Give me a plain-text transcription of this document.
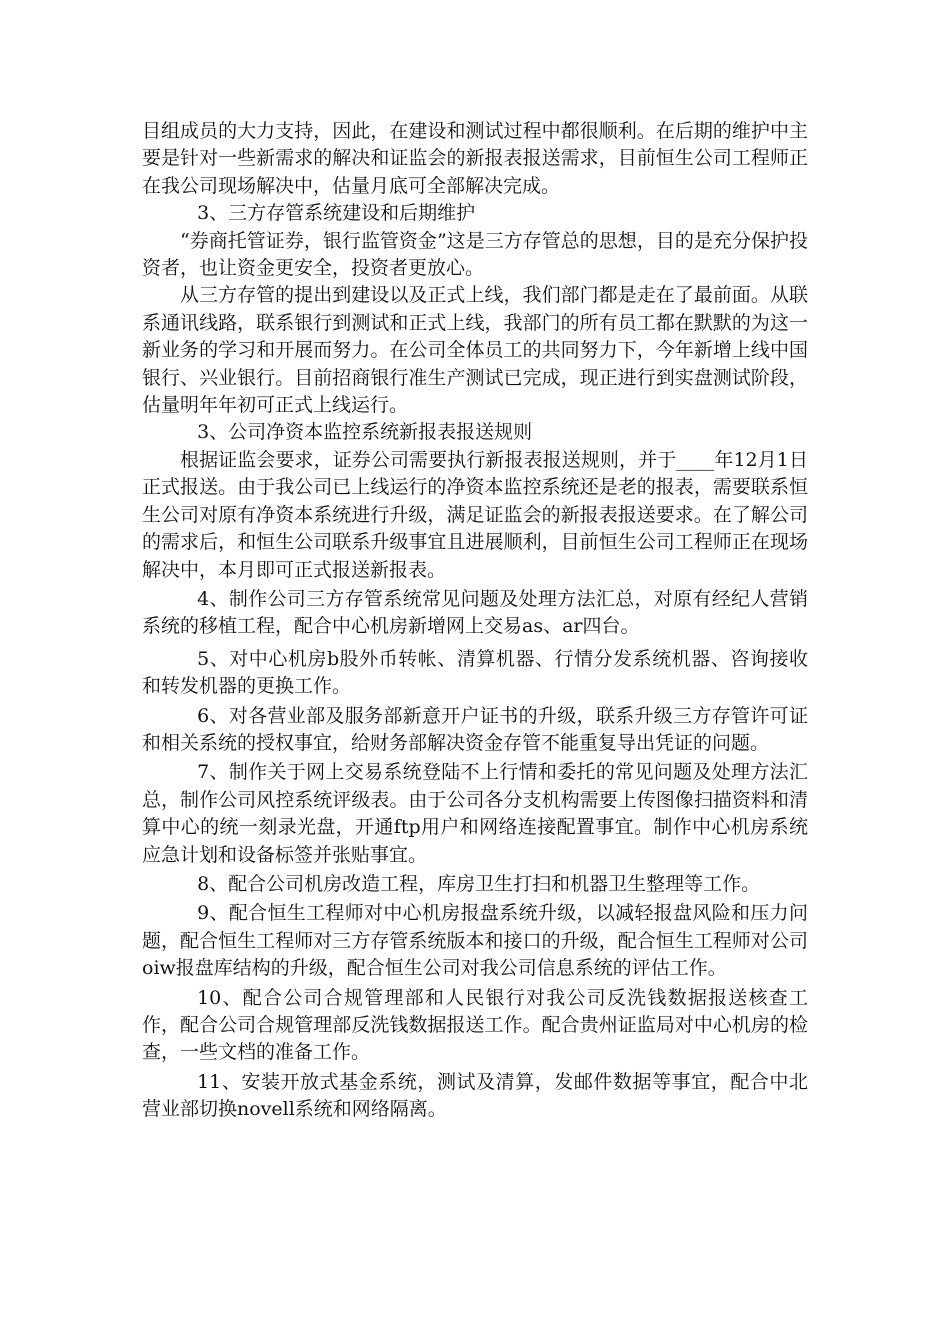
目组成员的大力支持，因此，在建设和测试过程中都很顺利。在后期的维护中主要是针对一些新需求的解决和证监会的新报表报送需求，目前恒生公司工程师正在我公司现场解决中，估量月底可全部解决完成。

3、三方存管系统建设和后期维护

“券商托管证券，银行监管资金”这是三方存管总的思想，目的是充分保护投资者，也让资金更安全，投资者更放心。

从三方存管的提出到建设以及正式上线，我们部门都是走在了最前面。从联系通讯线路，联系银行到测试和正式上线，我部门的所有员工都在默默的为这一新业务的学习和开展而努力。在公司全体员工的共同努力下，今年新增上线中国银行、兴业银行。目前招商银行准生产测试已完成，现正进行到实盘测试阶段，估量明年年初可正式上线运行。

3、公司净资本监控系统新报表报送规则

根据证监会要求，证券公司需要执行新报表报送规则，并于____年12月1日正式报送。由于我公司已上线运行的净资本监控系统还是老的报表，需要联系恒生公司对原有净资本系统进行升级，满足证监会的新报表报送要求。在了解公司的需求后，和恒生公司联系升级事宜且进展顺利，目前恒生公司工程师正在现场解决中，本月即可正式报送新报表。

4、制作公司三方存管系统常见问题及处理方法汇总，对原有经纪人营销系统的移植工程，配合中心机房新增网上交易as、ar四台。

5、对中心机房b股外币转帐、清算机器、行情分发系统机器、咨询接收和转发机器的更换工作。

6、对各营业部及服务部新意开户证书的升级，联系升级三方存管许可证和相关系统的授权事宜，给财务部解决资金存管不能重复导出凭证的问题。

7、制作关于网上交易系统登陆不上行情和委托的常见问题及处理方法汇总，制作公司风控系统评级表。由于公司各分支机构需要上传图像扫描资料和清算中心的统一刻录光盘，开通ftp用户和网络连接配置事宜。制作中心机房系统应急计划和设备标签并张贴事宜。

8、配合公司机房改造工程，库房卫生打扫和机器卫生整理等工作。

9、配合恒生工程师对中心机房报盘系统升级，以减轻报盘风险和压力问题，配合恒生工程师对三方存管系统版本和接口的升级，配合恒生工程师对公司oiw报盘库结构的升级，配合恒生公司对我公司信息系统的评估工作。

10、配合公司合规管理部和人民银行对我公司反洗钱数据报送核查工作，配合公司合规管理部反洗钱数据报送工作。配合贵州证监局对中心机房的检查，一些文档的准备工作。

11、安装开放式基金系统，测试及清算，发邮件数据等事宜，配合中北营业部切换novell系统和网络隔离。
